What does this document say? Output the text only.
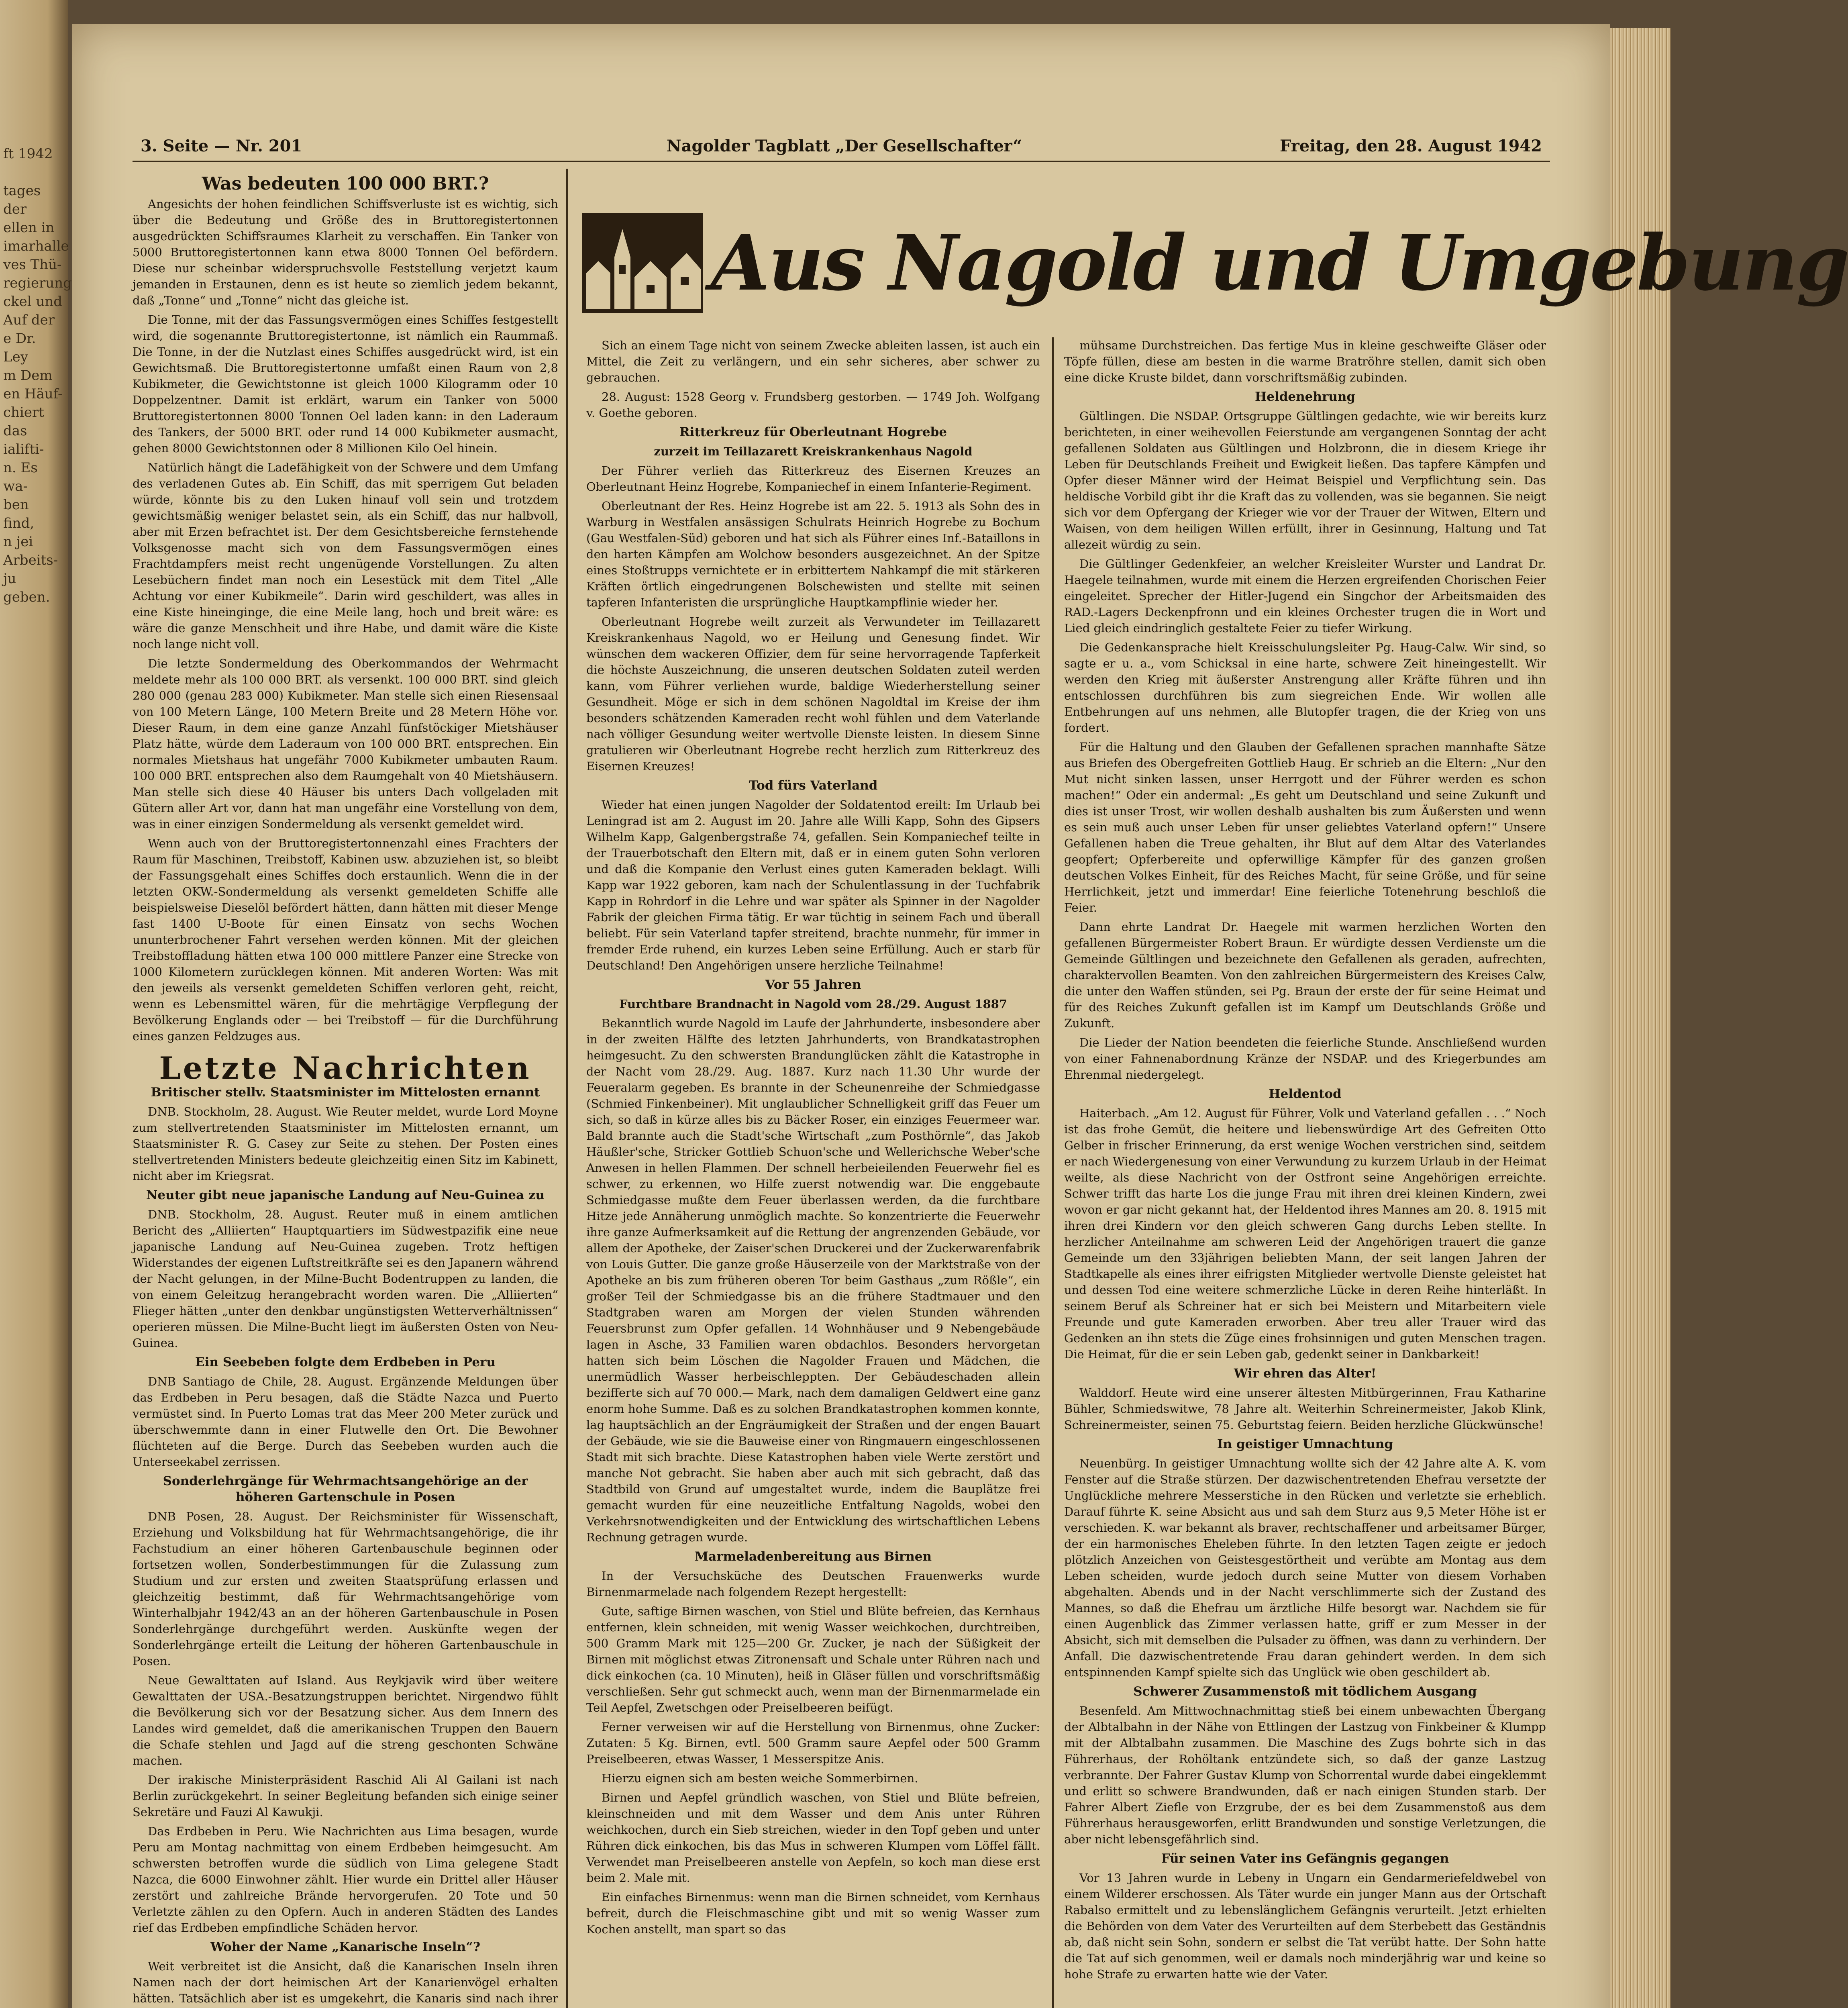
ft 1942
tages der
ellen in
imarhalle
ves Thü-
regierung
ckel und
Auf der
e Dr. Ley
m Dem
en Häuf-
chiert das
ialifti-
n. Es wa-
ben find,
n jei
Arbeits-
ju geben.
3. Seite — Nr. 201	Nagolder Tagblatt „Der Gesellschafter“	Freitag, den 28. August 1942
Was bedeuten 100 000 BRT.?

Angesichts der hohen feindlichen Schiffsverluste ist es wichtig, sich über die Bedeutung und Größe des in Bruttoregistertonnen ausgedrückten Schiffsraumes Klarheit zu verschaffen. Ein Tanker von 5000 Bruttoregistertonnen kann etwa 8000 Tonnen Oel befördern. Diese nur scheinbar widerspruchsvolle Feststellung verjetzt kaum jemanden in Erstaunen, denn es ist heute so ziemlich jedem bekannt, daß „Tonne“ und „Tonne“ nicht das gleiche ist.

Die Tonne, mit der das Fassungsvermögen eines Schiffes festgestellt wird, die sogenannte Bruttoregistertonne, ist nämlich ein Raummaß. Die Tonne, in der die Nutzlast eines Schiffes ausgedrückt wird, ist ein Gewichtsmaß. Die Bruttoregistertonne umfaßt einen Raum von 2,8 Kubikmeter, die Gewichtstonne ist gleich 1000 Kilogramm oder 10 Doppelzentner. Damit ist erklärt, warum ein Tanker von 5000 Bruttoregistertonnen 8000 Tonnen Oel laden kann: in den Laderaum des Tankers, der 5000 BRT. oder rund 14 000 Kubikmeter ausmacht, gehen 8000 Gewichtstonnen oder 8 Millionen Kilo Oel hinein.

Natürlich hängt die Ladefähigkeit von der Schwere und dem Umfang des verladenen Gutes ab. Ein Schiff, das mit sperrigem Gut beladen würde, könnte bis zu den Luken hinauf voll sein und trotzdem gewichtsmäßig weniger belastet sein, als ein Schiff, das nur halbvoll, aber mit Erzen befrachtet ist. Der dem Gesichtsbereiche fernstehende Volksgenosse macht sich von dem Fassungsvermögen eines Frachtdampfers meist recht ungenügende Vorstellungen. Zu alten Lesebüchern findet man noch ein Lesestück mit dem Titel „Alle Achtung vor einer Kubikmeile“. Darin wird geschildert, was alles in eine Kiste hineinginge, die eine Meile lang, hoch und breit wäre: es wäre die ganze Menschheit und ihre Habe, und damit wäre die Kiste noch lange nicht voll.

Die letzte Sondermeldung des Oberkommandos der Wehrmacht meldete mehr als 100 000 BRT. als versenkt. 100 000 BRT. sind gleich 280 000 (genau 283 000) Kubikmeter. Man stelle sich einen Riesensaal von 100 Metern Länge, 100 Metern Breite und 28 Metern Höhe vor. Dieser Raum, in dem eine ganze Anzahl fünfstöckiger Mietshäuser Platz hätte, würde dem Laderaum von 100 000 BRT. entsprechen. Ein normales Mietshaus hat ungefähr 7000 Kubikmeter umbauten Raum. 100 000 BRT. entsprechen also dem Raumgehalt von 40 Mietshäusern. Man stelle sich diese 40 Häuser bis unters Dach vollgeladen mit Gütern aller Art vor, dann hat man ungefähr eine Vorstellung von dem, was in einer einzigen Sondermeldung als versenkt gemeldet wird.

Wenn auch von der Bruttoregistertonnenzahl eines Frachters der Raum für Maschinen, Treibstoff, Kabinen usw. abzuziehen ist, so bleibt der Fassungsgehalt eines Schiffes doch erstaunlich. Wenn die in der letzten OKW.-Sondermeldung als versenkt gemeldeten Schiffe alle beispielsweise Dieselöl befördert hätten, dann hätten mit dieser Menge fast 1400 U-Boote für einen Einsatz von sechs Wochen ununterbrochener Fahrt versehen werden können. Mit der gleichen Treibstoffladung hätten etwa 100 000 mittlere Panzer eine Strecke von 1000 Kilometern zurücklegen können. Mit anderen Worten: Was mit den jeweils als versenkt gemeldeten Schiffen verloren geht, reicht, wenn es Lebensmittel wären, für die mehrtägige Verpflegung der Bevölkerung Englands oder — bei Treibstoff — für die Durchführung eines ganzen Feldzuges aus.

Letzte Nachrichten

Britischer stellv. Staatsminister im Mittelosten ernannt

DNB. Stockholm, 28. August. Wie Reuter meldet, wurde Lord Moyne zum stellvertretenden Staatsminister im Mittelosten ernannt, um Staatsminister R. G. Casey zur Seite zu stehen. Der Posten eines stellvertretenden Ministers bedeute gleichzeitig einen Sitz im Kabinett, nicht aber im Kriegsrat.

Neuter gibt neue japanische Landung auf Neu-Guinea zu

DNB. Stockholm, 28. August. Reuter muß in einem amtlichen Bericht des „Alliierten“ Hauptquartiers im Südwestpazifik eine neue japanische Landung auf Neu-Guinea zugeben. Trotz heftigen Widerstandes der eigenen Luftstreitkräfte sei es den Japanern während der Nacht gelungen, in der Milne-Bucht Bodentruppen zu landen, die von einem Geleitzug herangebracht worden waren. Die „Alliierten“ Flieger hätten „unter den denkbar ungünstigsten Wetterverhältnissen“ operieren müssen. Die Milne-Bucht liegt im äußersten Osten von Neu-Guinea.

Ein Seebeben folgte dem Erdbeben in Peru

DNB Santiago de Chile, 28. August. Ergänzende Meldungen über das Erdbeben in Peru besagen, daß die Städte Nazca und Puerto vermüstet sind. In Puerto Lomas trat das Meer 200 Meter zurück und überschwemmte dann in einer Flutwelle den Ort. Die Bewohner flüchteten auf die Berge. Durch das Seebeben wurden auch die Unterseekabel zerrissen.

Sonderlehrgänge für Wehrmachtsangehörige an der höheren Gartenschule in Posen

DNB Posen, 28. August. Der Reichsminister für Wissenschaft, Erziehung und Volksbildung hat für Wehrmachtsangehörige, die ihr Fachstudium an einer höheren Gartenbauschule beginnen oder fortsetzen wollen, Sonderbestimmungen für die Zulassung zum Studium und zur ersten und zweiten Staatsprüfung erlassen und gleichzeitig bestimmt, daß für Wehrmachtsangehörige vom Winterhalbjahr 1942/43 an an der höheren Gartenbauschule in Posen Sonderlehrgänge durchgeführt werden. Auskünfte wegen der Sonderlehrgänge erteilt die Leitung der höheren Gartenbauschule in Posen.

Neue Gewalttaten auf Island. Aus Reykjavik wird über weitere Gewalttaten der USA.-Besatzungstruppen berichtet. Nirgendwo fühlt die Bevölkerung sich vor der Besatzung sicher. Aus dem Innern des Landes wird gemeldet, daß die amerikanischen Truppen den Bauern die Schafe stehlen und Jagd auf die streng geschonten Schwäne machen.

Der irakische Ministerpräsident Raschid Ali Al Gailani ist nach Berlin zurückgekehrt. In seiner Begleitung befanden sich einige seiner Sekretäre und Fauzi Al Kawukji.

Das Erdbeben in Peru. Wie Nachrichten aus Lima besagen, wurde Peru am Montag nachmittag von einem Erdbeben heimgesucht. Am schwersten betroffen wurde die südlich von Lima gelegene Stadt Nazca, die 6000 Einwohner zählt. Hier wurde ein Drittel aller Häuser zerstört und zahlreiche Brände hervorgerufen. 20 Tote und 50 Verletzte zählen zu den Opfern. Auch in anderen Städten des Landes rief das Erdbeben empfindliche Schäden hervor.

Woher der Name „Kanarische Inseln“?

Weit verbreitet ist die Ansicht, daß die Kanarischen Inseln ihren Namen nach der dort heimischen Art der Kanarienvögel erhalten hätten. Tatsächlich aber ist es umgekehrt, die Kanaris sind nach ihrer

Aus Nagold und Umgebung

Sich an einem Tage nicht von seinem Zwecke ableiten lassen, ist auch ein Mittel, die Zeit zu verlängern, und ein sehr sicheres, aber schwer zu gebrauchen.

28. August: 1528 Georg v. Frundsberg gestorben. — 1749 Joh. Wolfgang v. Goethe geboren.

Ritterkreuz für Oberleutnant Hogrebe

zurzeit im Teillazarett Kreiskrankenhaus Nagold

Der Führer verlieh das Ritterkreuz des Eisernen Kreuzes an Oberleutnant Heinz Hogrebe, Kompaniechef in einem Infanterie-Regiment.

Oberleutnant der Res. Heinz Hogrebe ist am 22. 5. 1913 als Sohn des in Warburg in Westfalen ansässigen Schulrats Heinrich Hogrebe zu Bochum (Gau Westfalen-Süd) geboren und hat sich als Führer eines Inf.-Bataillons in den harten Kämpfen am Wolchow besonders ausgezeichnet. An der Spitze eines Stoßtrupps vernichtete er in erbittertem Nahkampf die mit stärkeren Kräften örtlich eingedrungenen Bolschewisten und stellte mit seinen tapferen Infanteristen die ursprüngliche Hauptkampflinie wieder her.

Oberleutnant Hogrebe weilt zurzeit als Verwundeter im Teillazarett Kreiskrankenhaus Nagold, wo er Heilung und Genesung findet. Wir wünschen dem wackeren Offizier, dem für seine hervorragende Tapferkeit die höchste Auszeichnung, die unseren deutschen Soldaten zuteil werden kann, vom Führer verliehen wurde, baldige Wiederherstellung seiner Gesundheit. Möge er sich in dem schönen Nagoldtal im Kreise der ihm besonders schätzenden Kameraden recht wohl fühlen und dem Vaterlande nach völliger Gesundung weiter wertvolle Dienste leisten. In diesem Sinne gratulieren wir Oberleutnant Hogrebe recht herzlich zum Ritterkreuz des Eisernen Kreuzes!

Tod fürs Vaterland

Wieder hat einen jungen Nagolder der Soldatentod ereilt: Im Urlaub bei Leningrad ist am 2. August im 20. Jahre alle Willi Kapp, Sohn des Gipsers Wilhelm Kapp, Galgenbergstraße 74, gefallen. Sein Kompaniechef teilte in der Trauerbotschaft den Eltern mit, daß er in einem guten Sohn verloren und daß die Kompanie den Verlust eines guten Kameraden beklagt. Willi Kapp war 1922 geboren, kam nach der Schulentlassung in der Tuchfabrik Kapp in Rohrdorf in die Lehre und war später als Spinner in der Nagolder Fabrik der gleichen Firma tätig. Er war tüchtig in seinem Fach und überall beliebt. Für sein Vaterland tapfer streitend, brachte nunmehr, für immer in fremder Erde ruhend, ein kurzes Leben seine Erfüllung. Auch er starb für Deutschland! Den Angehörigen unsere herzliche Teilnahme!

Vor 55 Jahren

Furchtbare Brandnacht in Nagold vom 28./29. August 1887

Bekanntlich wurde Nagold im Laufe der Jahrhunderte, insbesondere aber in der zweiten Hälfte des letzten Jahrhunderts, von Brandkatastrophen heimgesucht. Zu den schwersten Brandunglücken zählt die Katastrophe in der Nacht vom 28./29. Aug. 1887. Kurz nach 11.30 Uhr wurde der Feueralarm gegeben. Es brannte in der Scheunenreihe der Schmiedgasse (Schmied Finkenbeiner). Mit unglaublicher Schnelligkeit griff das Feuer um sich, so daß in kürze alles bis zu Bäcker Roser, ein einziges Feuermeer war. Bald brannte auch die Stadt'sche Wirtschaft „zum Posthörnle“, das Jakob Häußler'sche, Stricker Gottlieb Schuon'sche und Wellerichsche Weber'sche Anwesen in hellen Flammen. Der schnell herbeieilenden Feuerwehr fiel es schwer, zu erkennen, wo Hilfe zuerst notwendig war. Die enggebaute Schmiedgasse mußte dem Feuer überlassen werden, da die furchtbare Hitze jede Annäherung unmöglich machte. So konzentrierte die Feuerwehr ihre ganze Aufmerksamkeit auf die Rettung der angrenzenden Gebäude, vor allem der Apotheke, der Zaiser'schen Druckerei und der Zuckerwarenfabrik von Louis Gutter. Die ganze große Häuserzeile von der Marktstraße von der Apotheke an bis zum früheren oberen Tor beim Gasthaus „zum Rößle“, ein großer Teil der Schmiedgasse bis an die frühere Stadtmauer und den Stadtgraben waren am Morgen der vielen Stunden währenden Feuersbrunst zum Opfer gefallen. 14 Wohnhäuser und 9 Nebengebäude lagen in Asche, 33 Familien waren obdachlos. Besonders hervorgetan hatten sich beim Löschen die Nagolder Frauen und Mädchen, die unermüdlich Wasser herbeischleppten. Der Gebäudeschaden allein bezifferte sich auf 70 000.— Mark, nach dem damaligen Geldwert eine ganz enorm hohe Summe. Daß es zu solchen Brandkatastrophen kommen konnte, lag hauptsächlich an der Engräumigkeit der Straßen und der engen Bauart der Gebäude, wie sie die Bauweise einer von Ringmauern eingeschlossenen Stadt mit sich brachte. Diese Katastrophen haben viele Werte zerstört und manche Not gebracht. Sie haben aber auch mit sich gebracht, daß das Stadtbild von Grund auf umgestaltet wurde, indem die Bauplätze frei gemacht wurden für eine neuzeitliche Entfaltung Nagolds, wobei den Verkehrsnotwendigkeiten und der Entwicklung des wirtschaftlichen Lebens Rechnung getragen wurde.

Marmeladenbereitung aus Birnen

In der Versuchsküche des Deutschen Frauenwerks wurde Birnenmarmelade nach folgendem Rezept hergestellt:

Gute, saftige Birnen waschen, von Stiel und Blüte befreien, das Kernhaus entfernen, klein schneiden, mit wenig Wasser weichkochen, durchtreiben, 500 Gramm Mark mit 125—200 Gr. Zucker, je nach der Süßigkeit der Birnen mit möglichst etwas Zitronensaft und Schale unter Rühren nach und dick einkochen (ca. 10 Minuten), heiß in Gläser füllen und vorschriftsmäßig verschließen. Sehr gut schmeckt auch, wenn man der Birnenmarmelade ein Teil Aepfel, Zwetschgen oder Preiselbeeren beifügt.

Ferner verweisen wir auf die Herstellung von Birnenmus, ohne Zucker: Zutaten: 5 Kg. Birnen, evtl. 500 Gramm saure Aepfel oder 500 Gramm Preiselbeeren, etwas Wasser, 1 Messerspitze Anis.

Hierzu eignen sich am besten weiche Sommerbirnen.

Birnen und Aepfel gründlich waschen, von Stiel und Blüte befreien, kleinschneiden und mit dem Wasser und dem Anis unter Rühren weichkochen, durch ein Sieb streichen, wieder in den Topf geben und unter Rühren dick einkochen, bis das Mus in schweren Klumpen vom Löffel fällt. Verwendet man Preiselbeeren anstelle von Aepfeln, so koch man diese erst beim 2. Male mit.

Ein einfaches Birnenmus: wenn man die Birnen schneidet, vom Kernhaus befreit, durch die Fleischmaschine gibt und mit so wenig Wasser zum Kochen anstellt, man spart so das

mühsame Durchstreichen. Das fertige Mus in kleine geschweifte Gläser oder Töpfe füllen, diese am besten in die warme Bratröhre stellen, damit sich oben eine dicke Kruste bildet, dann vorschriftsmäßig zubinden.

Heldenehrung

Gültlingen. Die NSDAP. Ortsgruppe Gültlingen gedachte, wie wir bereits kurz berichteten, in einer weihevollen Feierstunde am vergangenen Sonntag der acht gefallenen Soldaten aus Gültlingen und Holzbronn, die in diesem Kriege ihr Leben für Deutschlands Freiheit und Ewigkeit ließen. Das tapfere Kämpfen und Opfer dieser Männer wird der Heimat Beispiel und Verpflichtung sein. Das heldische Vorbild gibt ihr die Kraft das zu vollenden, was sie begannen. Sie neigt sich vor dem Opfergang der Krieger wie vor der Trauer der Witwen, Eltern und Waisen, von dem heiligen Willen erfüllt, ihrer in Gesinnung, Haltung und Tat allezeit würdig zu sein.

Die Gültlinger Gedenkfeier, an welcher Kreisleiter Wurster und Landrat Dr. Haegele teilnahmen, wurde mit einem die Herzen ergreifenden Chorischen Feier eingeleitet. Sprecher der Hitler-Jugend ein Singchor der Arbeitsmaiden des RAD.-Lagers Deckenpfronn und ein kleines Orchester trugen die in Wort und Lied gleich eindringlich gestaltete Feier zu tiefer Wirkung.

Die Gedenkansprache hielt Kreisschulungsleiter Pg. Haug-Calw. Wir sind, so sagte er u. a., vom Schicksal in eine harte, schwere Zeit hineingestellt. Wir werden den Krieg mit äußerster Anstrengung aller Kräfte führen und ihn entschlossen durchführen bis zum siegreichen Ende. Wir wollen alle Entbehrungen auf uns nehmen, alle Blutopfer tragen, die der Krieg von uns fordert.

Für die Haltung und den Glauben der Gefallenen sprachen mannhafte Sätze aus Briefen des Obergefreiten Gottlieb Haug. Er schrieb an die Eltern: „Nur den Mut nicht sinken lassen, unser Herrgott und der Führer werden es schon machen!“ Oder ein andermal: „Es geht um Deutschland und seine Zukunft und dies ist unser Trost, wir wollen deshalb aushalten bis zum Äußersten und wenn es sein muß auch unser Leben für unser geliebtes Vaterland opfern!“ Unsere Gefallenen haben die Treue gehalten, ihr Blut auf dem Altar des Vaterlandes geopfert; Opferbereite und opferwillige Kämpfer für des ganzen großen deutschen Volkes Einheit, für des Reiches Macht, für seine Größe, und für seine Herrlichkeit, jetzt und immerdar! Eine feierliche Totenehrung beschloß die Feier.

Dann ehrte Landrat Dr. Haegele mit warmen herzlichen Worten den gefallenen Bürgermeister Robert Braun. Er würdigte dessen Verdienste um die Gemeinde Gültlingen und bezeichnete den Gefallenen als geraden, aufrechten, charaktervollen Beamten. Von den zahlreichen Bürgermeistern des Kreises Calw, die unter den Waffen stünden, sei Pg. Braun der erste der für seine Heimat und für des Reiches Zukunft gefallen ist im Kampf um Deutschlands Größe und Zukunft.

Die Lieder der Nation beendeten die feierliche Stunde. Anschließend wurden von einer Fahnenabordnung Kränze der NSDAP. und des Kriegerbundes am Ehrenmal niedergelegt.

Heldentod

Haiterbach. „Am 12. August für Führer, Volk und Vaterland gefallen . . .“ Noch ist das frohe Gemüt, die heitere und liebenswürdige Art des Gefreiten Otto Gelber in frischer Erinnerung, da erst wenige Wochen verstrichen sind, seitdem er nach Wiedergenesung von einer Verwundung zu kurzem Urlaub in der Heimat weilte, als diese Nachricht von der Ostfront seine Angehörigen erreichte. Schwer trifft das harte Los die junge Frau mit ihren drei kleinen Kindern, zwei wovon er gar nicht gekannt hat, der Heldentod ihres Mannes am 20. 8. 1915 mit ihren drei Kindern vor den gleich schweren Gang durchs Leben stellte. In herzlicher Anteilnahme am schweren Leid der Angehörigen trauert die ganze Gemeinde um den 33jährigen beliebten Mann, der seit langen Jahren der Stadtkapelle als eines ihrer eifrigsten Mitglieder wertvolle Dienste geleistet hat und dessen Tod eine weitere schmerzliche Lücke in deren Reihe hinterläßt. In seinem Beruf als Schreiner hat er sich bei Meistern und Mitarbeitern viele Freunde und gute Kameraden erworben. Aber treu aller Trauer wird das Gedenken an ihn stets die Züge eines frohsinnigen und guten Menschen tragen. Die Heimat, für die er sein Leben gab, gedenkt seiner in Dankbarkeit!

Wir ehren das Alter!

Walddorf. Heute wird eine unserer ältesten Mitbürgerinnen, Frau Katharine Bühler, Schmiedswitwe, 78 Jahre alt. Weiterhin Schreinermeister, Jakob Klink, Schreinermeister, seinen 75. Geburtstag feiern. Beiden herzliche Glückwünsche!

In geistiger Umnachtung

Neuenbürg. In geistiger Umnachtung wollte sich der 42 Jahre alte A. K. vom Fenster auf die Straße stürzen. Der dazwischentretenden Ehefrau versetzte der Unglückliche mehrere Messerstiche in den Rücken und verletzte sie erheblich. Darauf führte K. seine Absicht aus und sah dem Sturz aus 9,5 Meter Höhe ist er verschieden. K. war bekannt als braver, rechtschaffener und arbeitsamer Bürger, der ein harmonisches Eheleben führte. In den letzten Tagen zeigte er jedoch plötzlich Anzeichen von Geistesgestörtheit und verübte am Montag aus dem Leben scheiden, wurde jedoch durch seine Mutter von diesem Vorhaben abgehalten. Abends und in der Nacht verschlimmerte sich der Zustand des Mannes, so daß die Ehefrau um ärztliche Hilfe besorgt war. Nachdem sie für einen Augenblick das Zimmer verlassen hatte, griff er zum Messer in der Absicht, sich mit demselben die Pulsader zu öffnen, was dann zu verhindern. Der Anfall. Die dazwischentretende Frau daran gehindert werden. In dem sich entspinnenden Kampf spielte sich das Unglück wie oben geschildert ab.

Schwerer Zusammenstoß mit tödlichem Ausgang

Besenfeld. Am Mittwochnachmittag stieß bei einem unbewachten Übergang der Albtalbahn in der Nähe von Ettlingen der Lastzug von Finkbeiner & Klumpp mit der Albtalbahn zusammen. Die Maschine des Zugs bohrte sich in das Führerhaus, der Rohöltank entzündete sich, so daß der ganze Lastzug verbrannte. Der Fahrer Gustav Klump von Schorrental wurde dabei eingeklemmt und erlitt so schwere Brandwunden, daß er nach einigen Stunden starb. Der Fahrer Albert Ziefle von Erzgrube, der es bei dem Zusammenstoß aus dem Führerhaus herausgeworfen, erlitt Brandwunden und sonstige Verletzungen, die aber nicht lebensgefährlich sind.

Für seinen Vater ins Gefängnis gegangen

Vor 13 Jahren wurde in Lebeny in Ungarn ein Gendarmeriefeldwebel von einem Wilderer erschossen. Als Täter wurde ein junger Mann aus der Ortschaft Rabalso ermittelt und zu lebenslänglichem Gefängnis verurteilt. Jetzt erhielten die Behörden von dem Vater des Verurteilten auf dem Sterbebett das Geständnis ab, daß nicht sein Sohn, sondern er selbst die Tat verübt hatte. Der Sohn hatte die Tat auf sich genommen, weil er damals noch minderjährig war und keine so hohe Strafe zu erwarten hatte wie der Vater.
